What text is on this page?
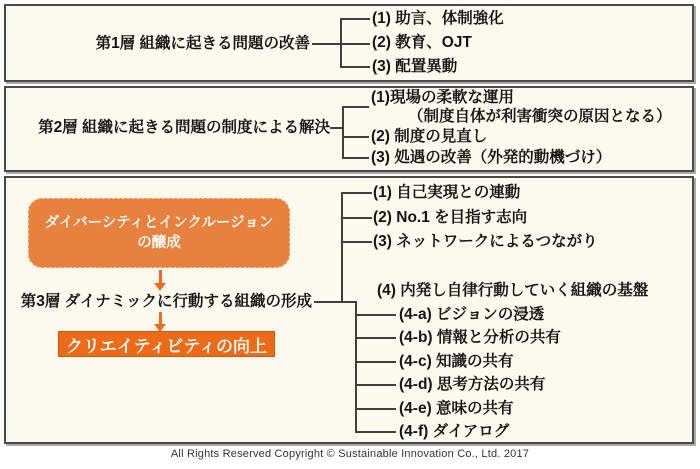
第1層 組織に起きる問題の改善
(1) 助言、体制強化
(2) 教育、OJT
(3) 配置異動
第2層 組織に起きる問題の制度による解決
(1)現場の柔軟な運用
（制度自体が利害衝突の原因となる）
(2) 制度の見直し
(3) 処遇の改善（外発的動機づけ）
ダイバーシティとインクルージョン
の醸成
第3層 ダイナミックに行動する組織の形成
クリエイティビティの向上
(1) 自己実現との連動
(2) No.1 を目指す志向
(3) ネットワークによるつながり
(4) 内発し自律行動していく組織の基盤
(4-a) ビジョンの浸透
(4-b) 情報と分析の共有
(4-c) 知識の共有
(4-d) 思考方法の共有
(4-e) 意味の共有
(4-f) ダイアログ
All Rights Reserved Copyright © Sustainable Innovation Co., Ltd. 2017
